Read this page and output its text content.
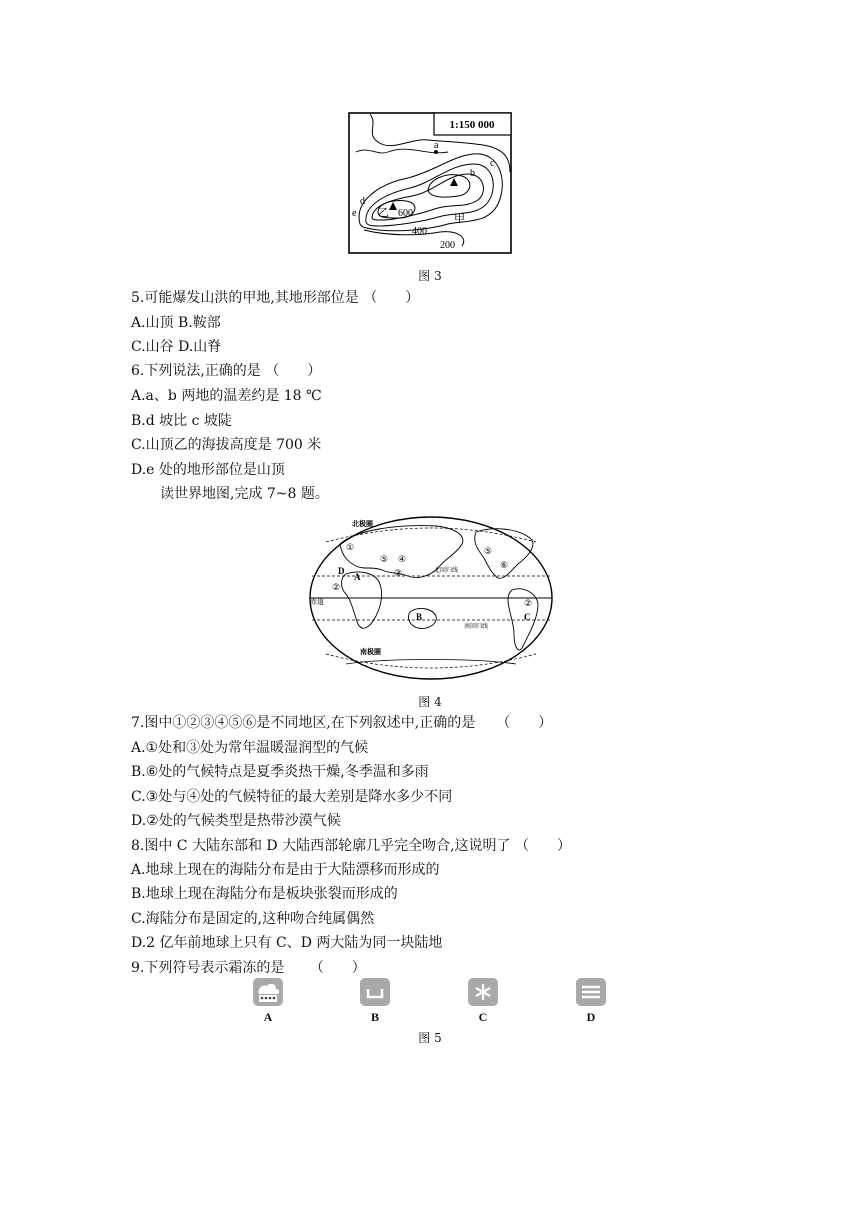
1:150 000
a
b
c
d
e 乙	甲
600
400
200
图 3
5.可能爆发山洪的甲地,其地形部位是 （　　）
A.山顶 B.鞍部
C.山谷 D.山脊
6.下列说法,正确的是 （　　）
A.a、b 两地的温差约是 18 ℃
B.d 坡比 c 坡陡
C.山顶乙的海拔高度是 700 米
D.e 处的地形部位是山顶
读世界地图,完成 7~8 题。
北极圈
南极圈
北回归线
南回归线
赤道
①
②
③
④
⑤
⑤
⑥
②
A
B	C
D
图 4
7.图中①②③④⑤⑥是不同地区,在下列叙述中,正确的是　　（　　）
A.①处和③处为常年温暖湿润型的气候
B.⑥处的气候特点是夏季炎热干燥,冬季温和多雨
C.③处与④处的气候特征的最大差别是降水多少不同
D.②处的气候类型是热带沙漠气候
8.图中 C 大陆东部和 D 大陆西部轮廓几乎完全吻合,这说明了 （　　）
A.地球上现在的海陆分布是由于大陆漂移而形成的
B.地球上现在海陆分布是板块张裂而形成的
C.海陆分布是固定的,这种吻合纯属偶然
D.2 亿年前地球上只有 C、D 两大陆为同一块陆地
9.下列符号表示霜冻的是 　　（　　）
A	B	C	D
图 5
